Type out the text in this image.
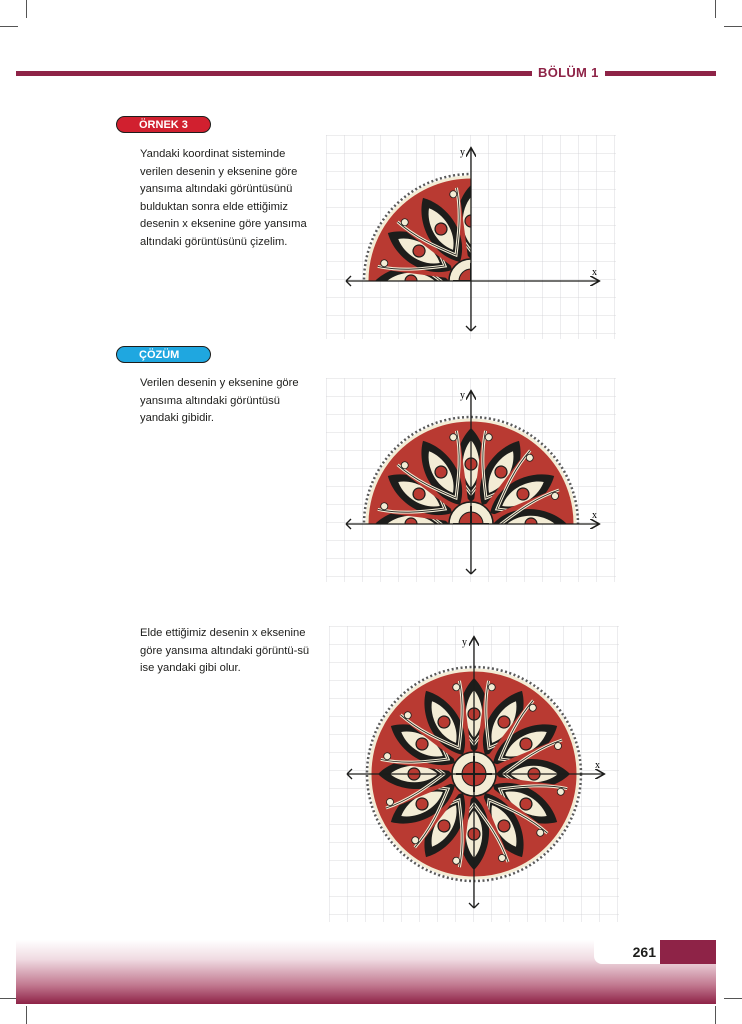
BÖLÜM 1
ÖRNEK 3
Yandaki koordinat sisteminde verilen desenin y eksenine göre yansıma altındaki görüntüsünü bulduktan sonra elde ettiğimiz desenin x eksenine göre yansıma altındaki görüntüsünü çizelim.
ÇÖZÜM
Verilen desenin y eksenine göre yansıma altındaki görüntüsü yandaki gibidir.
Elde ettiğimiz desenin x eksenine göre yansıma altındaki görüntü-sü ise yandaki gibi olur.
x
y
x
y
x
y
261
